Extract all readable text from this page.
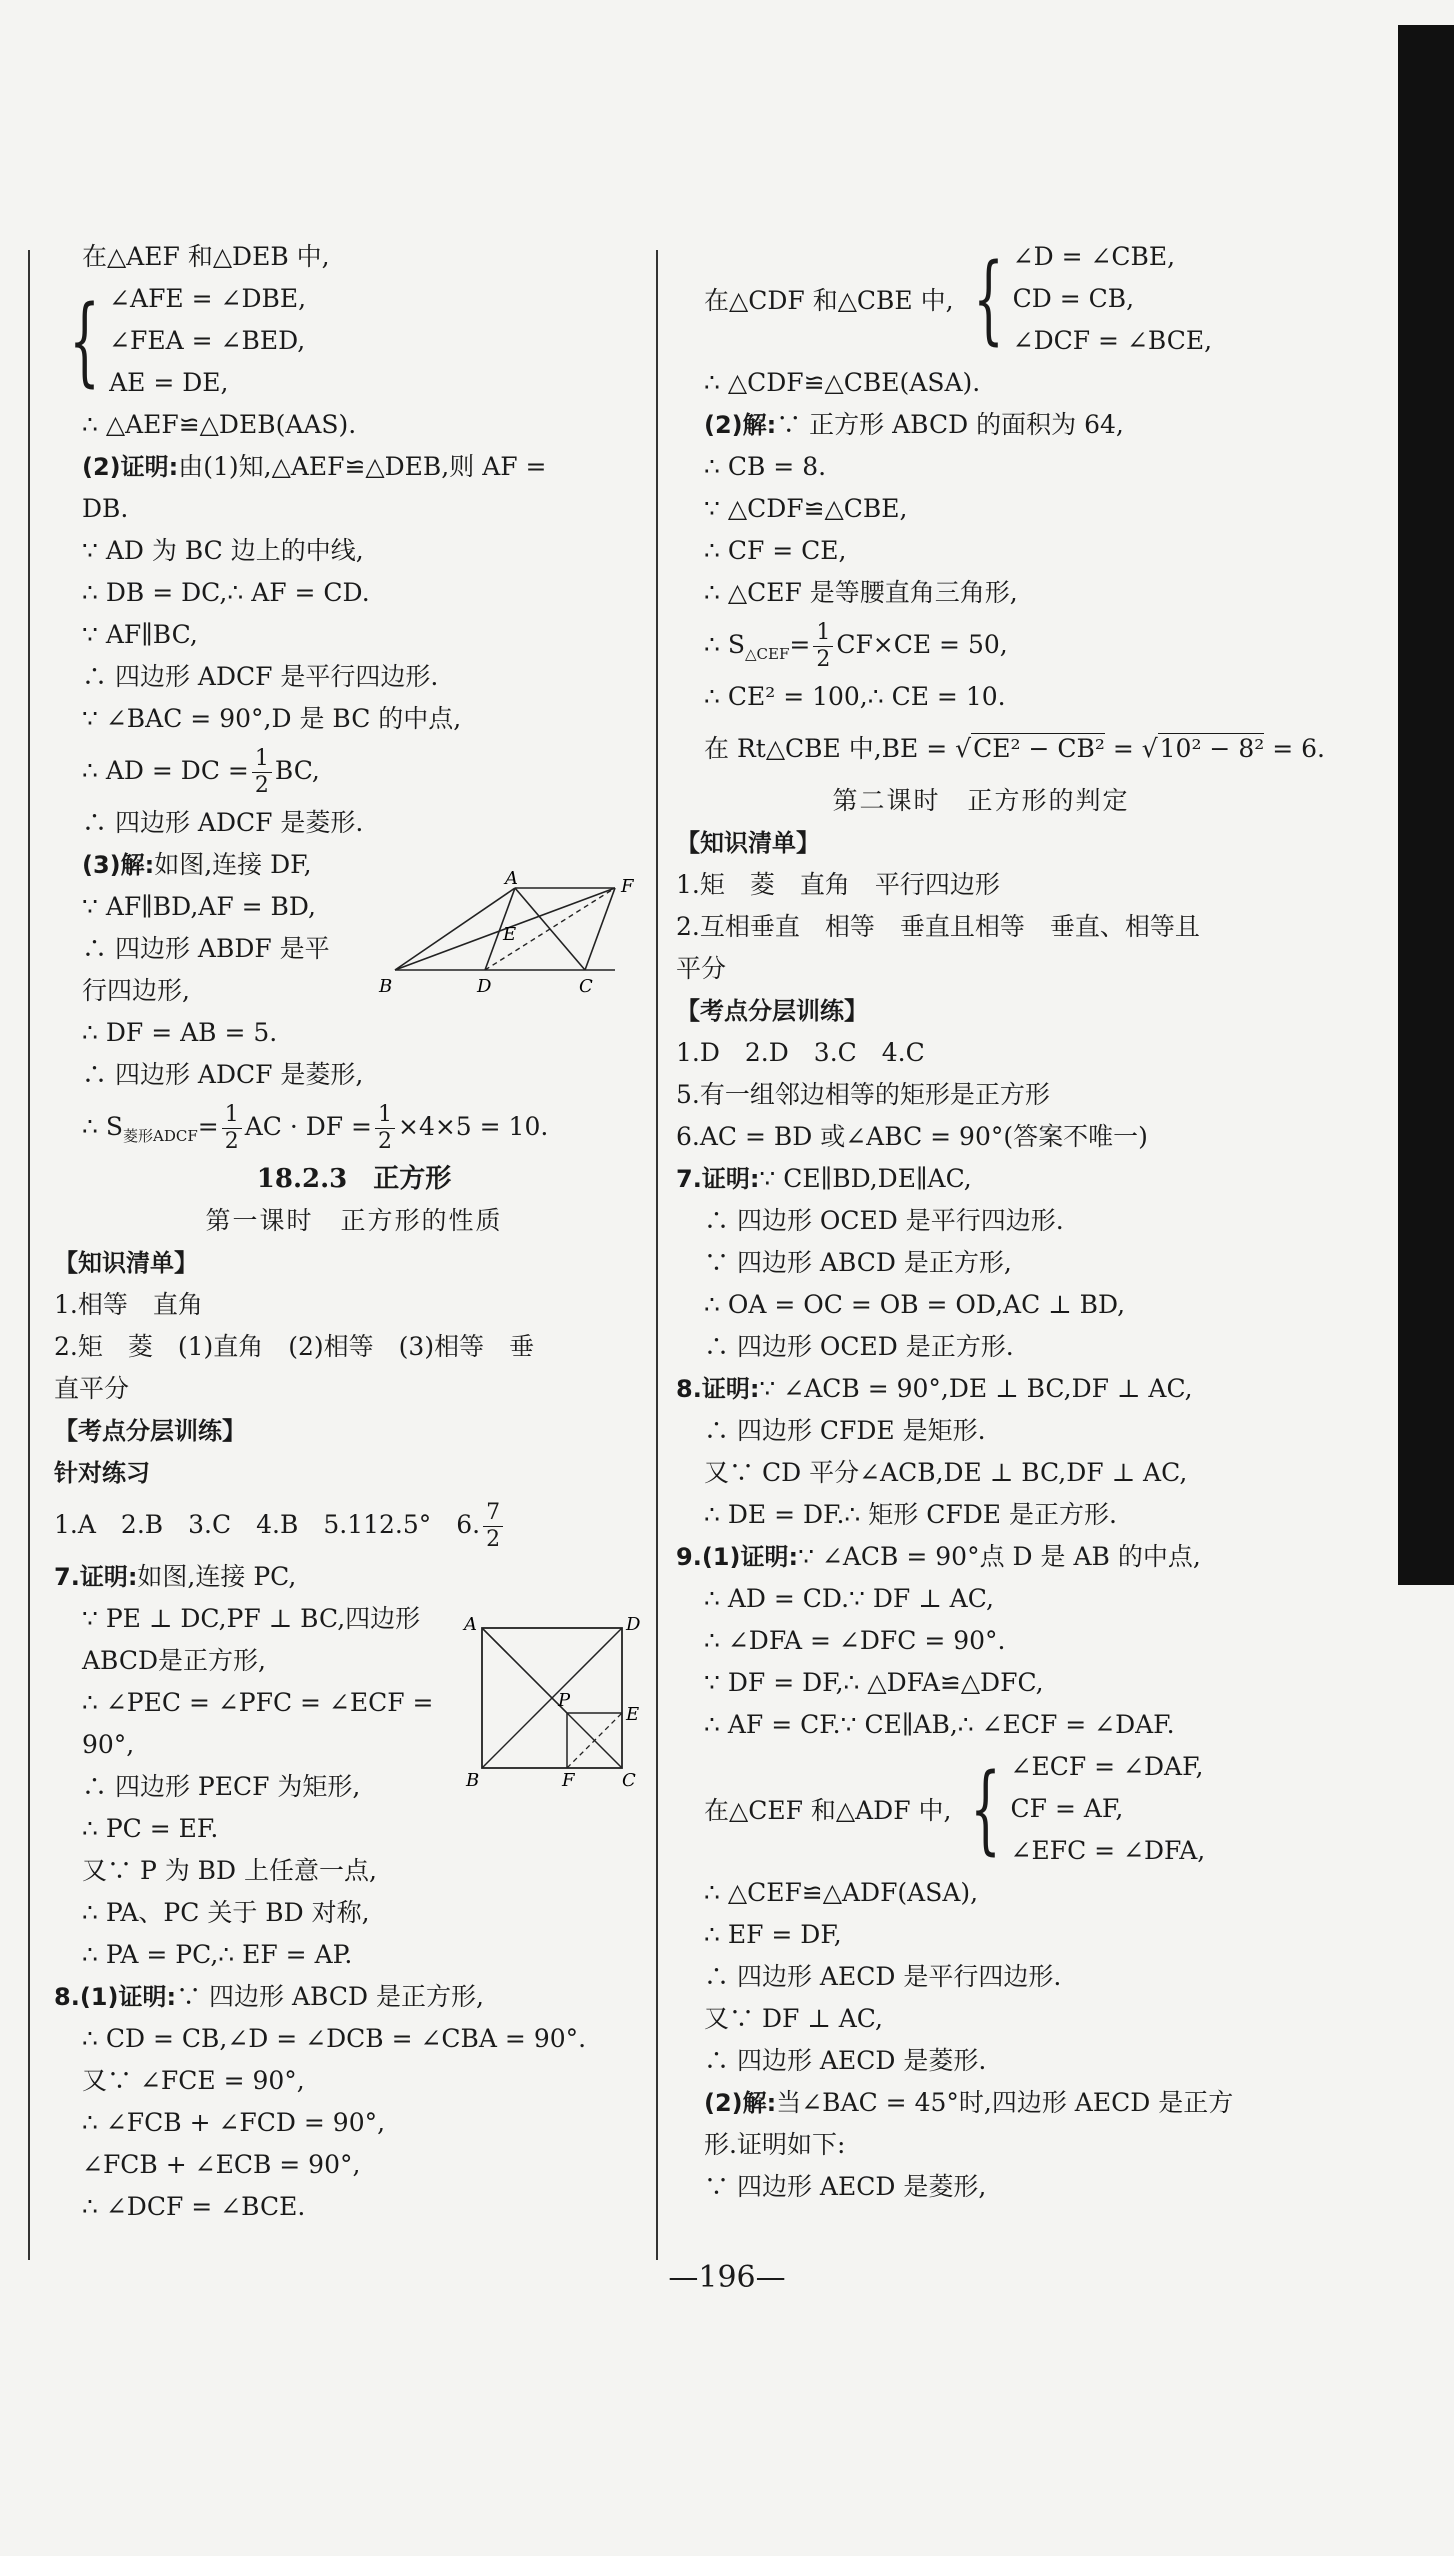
在△AEF 和△DEB 中,
{ ∠AFE = ∠DBE,
∠FEA = ∠BED,
AE = DE,
∴ △AEF≌△DEB(AAS).
(2)证明:由(1)知,△AEF≌△DEB,则 AF =
DB.
∵ AD 为 BC 边上的中线,
∴ DB = DC,∴ AF = CD.
∵ AF∥BC,
∴ 四边形 ADCF 是平行四边形.
∵ ∠BAC = 90°,D 是 BC 的中点,
∴ AD = DC = $\frac{1}{2}$ BC,
∴ 四边形 ADCF 是菱形.
(3)解:如图,连接 DF,
∵ AF∥BD,AF = BD,
∴ 四边形 ABDF 是平
行四边形,
∴ DF = AB = 5.
∴ 四边形 ADCF 是菱形,
∴ $S_{菱形ADCF}= \frac{1}{2}$ AC · DF = $\frac{1}{2} \times 4\times 5 = 10$.
18.2.3　正方形
第一课时　正方形的性质
【知识清单】
1.相等　直角
2.矩　菱　(1)直角　(2)相等　(3)相等　垂
直平分
【考点分层训练】
针对练习
1.A　2.B　3.C　4.B　5.112.5°　6. $\frac{7}{2}$
7.证明:如图,连接 PC,
∵ PE ⊥ DC,PF ⊥ BC,四边形
ABCD是正方形,
∴ ∠PEC = ∠PFC = ∠ECF =
90°,
∴ 四边形 PECF 为矩形,
∴ PC = EF.
又∵ P 为 BD 上任意一点,
∴ PA、PC 关于 BD 对称,
∴ PA = PC,∴ EF = AP.
8.(1)证明:∵ 四边形 ABCD 是正方形,
∴ CD = CB,∠D = ∠DCB = ∠CBA = 90°.
又∵ ∠FCE = 90°,
∴ ∠FCB + ∠FCD = 90°,
∠FCB + ∠ECB = 90°,
∴ ∠DCF = ∠BCE.
A	F
E
B	D	C
A	D
P
E
B	F	C
在△CDF 和△CBE 中, { ∠D = ∠CBE,
CD = CB,
∠DCF = ∠BCE,
∴ △CDF≌△CBE(ASA).
(2)解:∵ 正方形 ABCD 的面积为 64,
∴ CB = 8.
∵ △CDF≌△CBE,
∴ CF = CE,
∴ △CEF 是等腰直角三角形,
∴ $S_{\triangle CEF}= \frac{1}{2} CF\times CE = 50$,
∴ CE² = 100,∴ CE = 10.
在 Rt△CBE 中,BE = √CE² − CB² = √10² − 8² = 6.
第二课时　正方形的判定
【知识清单】
1.矩　菱　直角　平行四边形
2.互相垂直　相等　垂直且相等　垂直、相等且
平分
【考点分层训练】
1.D　2.D　3.C　4.C
5.有一组邻边相等的矩形是正方形
6.AC = BD 或∠ABC = 90°(答案不唯一)
7.证明:∵ CE∥BD,DE∥AC,
∴ 四边形 OCED 是平行四边形.
∵ 四边形 ABCD 是正方形,
∴ OA = OC = OB = OD,AC ⊥ BD,
∴ 四边形 OCED 是正方形.
8.证明:∵ ∠ACB = 90°,DE ⊥ BC,DF ⊥ AC,
∴ 四边形 CFDE 是矩形.
又∵ CD 平分∠ACB,DE ⊥ BC,DF ⊥ AC,
∴ DE = DF.∴ 矩形 CFDE 是正方形.
9.(1)证明:∵ ∠ACB = 90°点 D 是 AB 的中点,
∴ AD = CD.∵ DF ⊥ AC,
∴ ∠DFA = ∠DFC = 90°.
∵ DF = DF,∴ △DFA≌△DFC,
∴ AF = CF.∵ CE∥AB,∴ ∠ECF = ∠DAF.
在△CEF 和△ADF 中, { ∠ECF = ∠DAF,
CF = AF,
∠EFC = ∠DFA,
∴ △CEF≌△ADF(ASA),
∴ EF = DF,
∴ 四边形 AECD 是平行四边形.
又∵ DF ⊥ AC,
∴ 四边形 AECD 是菱形.
(2)解:当∠BAC = 45°时,四边形 AECD 是正方
形.证明如下:
∵ 四边形 AECD 是菱形,
—196—
